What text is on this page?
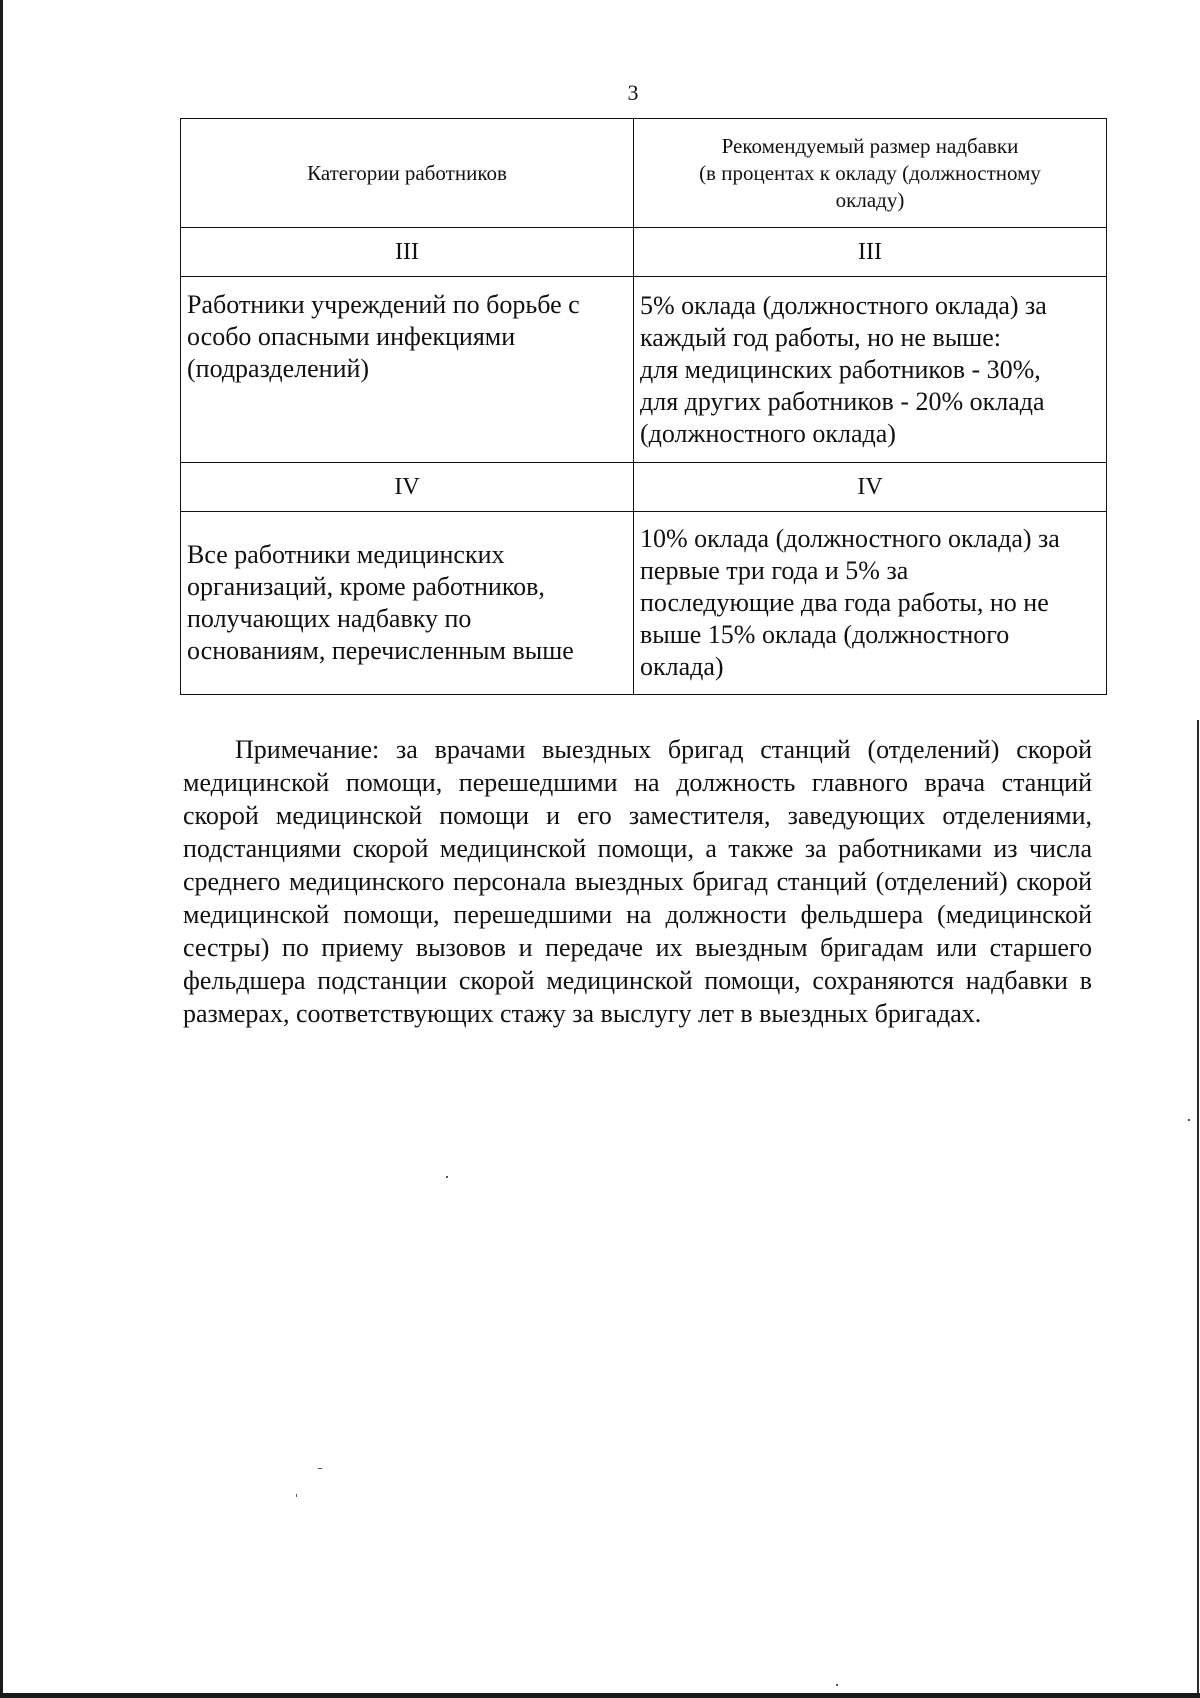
3
Категории работников	Рекомендуемый размер надбавки
(в процентах к окладу (должностному
окладу)

III	III

Работники учреждений по борьбе с
особо опасными инфекциями
(подразделений)	5% оклада (должностного оклада) за
каждый год работы, но не выше:
для медицинских работников - 30%,
для других работников - 20% оклада
(должностного оклада)

IV	IV

Все работники медицинских
организаций, кроме работников,
получающих надбавку по
основаниям, перечисленным выше	10% оклада (должностного оклада) за
первые три года и 5% за
последующие два года работы, но не
выше 15% оклада (должностного
оклада)

Примечание: за врачами выездных бригад станций (отделений) скорой медицинской помощи, перешедшими на должность главного врача станций скорой медицинской помощи и его заместителя, заведующих отделениями, подстанциями скорой медицинской помощи, а также за работниками из числа среднего медицинского персонала выездных бригад станций (отделений) скорой медицинской помощи, перешедшими на должности фельдшера (медицинской сестры) по приему вызовов и передаче их выездным бригадам или старшего фельдшера подстанции скорой медицинской помощи, сохраняются надбавки в размерах, соответствующих стажу за выслугу лет в выездных бригадах.
